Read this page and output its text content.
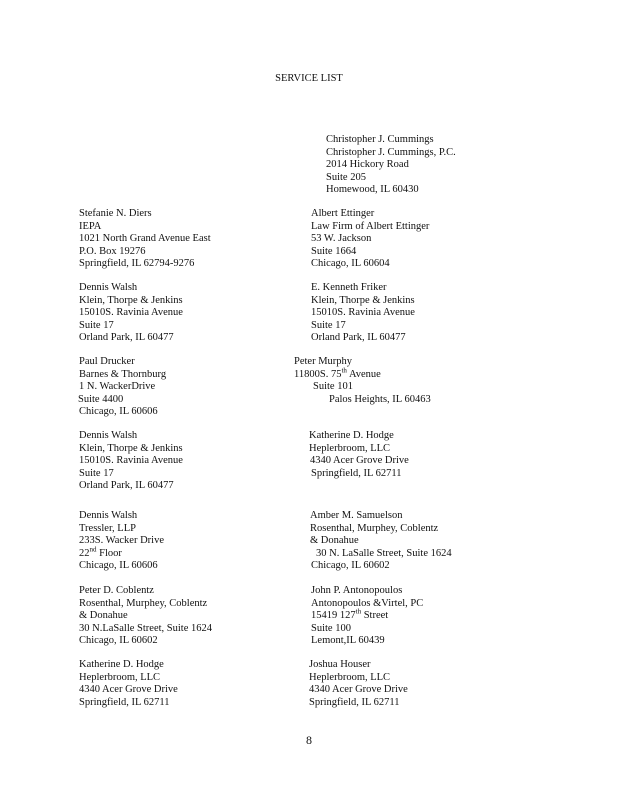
SERVICE LIST
Christopher J. Cummings
Christopher J. Cummings, P.C.
2014 Hickory Road
Suite 205
Homewood, IL 60430
Stefanie N. Diers
IEPA
1021 North Grand Avenue East
P.O. Box 19276
Springfield, IL 62794-9276
Albert Ettinger
Law Firm of Albert Ettinger
53 W. Jackson
Suite 1664
Chicago, IL 60604
Dennis Walsh
Klein, Thorpe & Jenkins
15010S. Ravinia Avenue
Suite 17
Orland Park, IL 60477
E. Kenneth Friker
Klein, Thorpe & Jenkins
15010S. Ravinia Avenue
Suite 17
Orland Park, IL 60477
Paul Drucker
Barnes & Thornburg
1 N. WackerDrive
Suite 4400
Chicago, IL 60606
Peter Murphy
11800S. 75th Avenue
Suite 101
Palos Heights, IL 60463
Dennis Walsh
Klein, Thorpe & Jenkins
15010S. Ravinia Avenue
Suite 17
Orland Park, IL 60477
Katherine D. Hodge
Heplerbroom, LLC
4340 Acer Grove Drive
Springfield, IL 62711
Dennis Walsh
Tressler, LLP
233S. Wacker Drive
22nd Floor
Chicago, IL 60606
Amber M. Samuelson
Rosenthal, Murphey, Coblentz
& Donahue
30 N. LaSalle Street, Suite 1624
Chicago, IL 60602
Peter D. Coblentz
Rosenthal, Murphey, Coblentz
& Donahue
30 N.LaSalle Street, Suite 1624
Chicago, IL 60602
John P. Antonopoulos
Antonopoulos &Virtel, PC
15419 127th Street
Suite 100
Lemont,IL 60439
Katherine D. Hodge
Heplerbroom, LLC
4340 Acer Grove Drive
Springfield, IL 62711
Joshua Houser
Heplerbroom, LLC
4340 Acer Grove Drive
Springfield, IL 62711
8
